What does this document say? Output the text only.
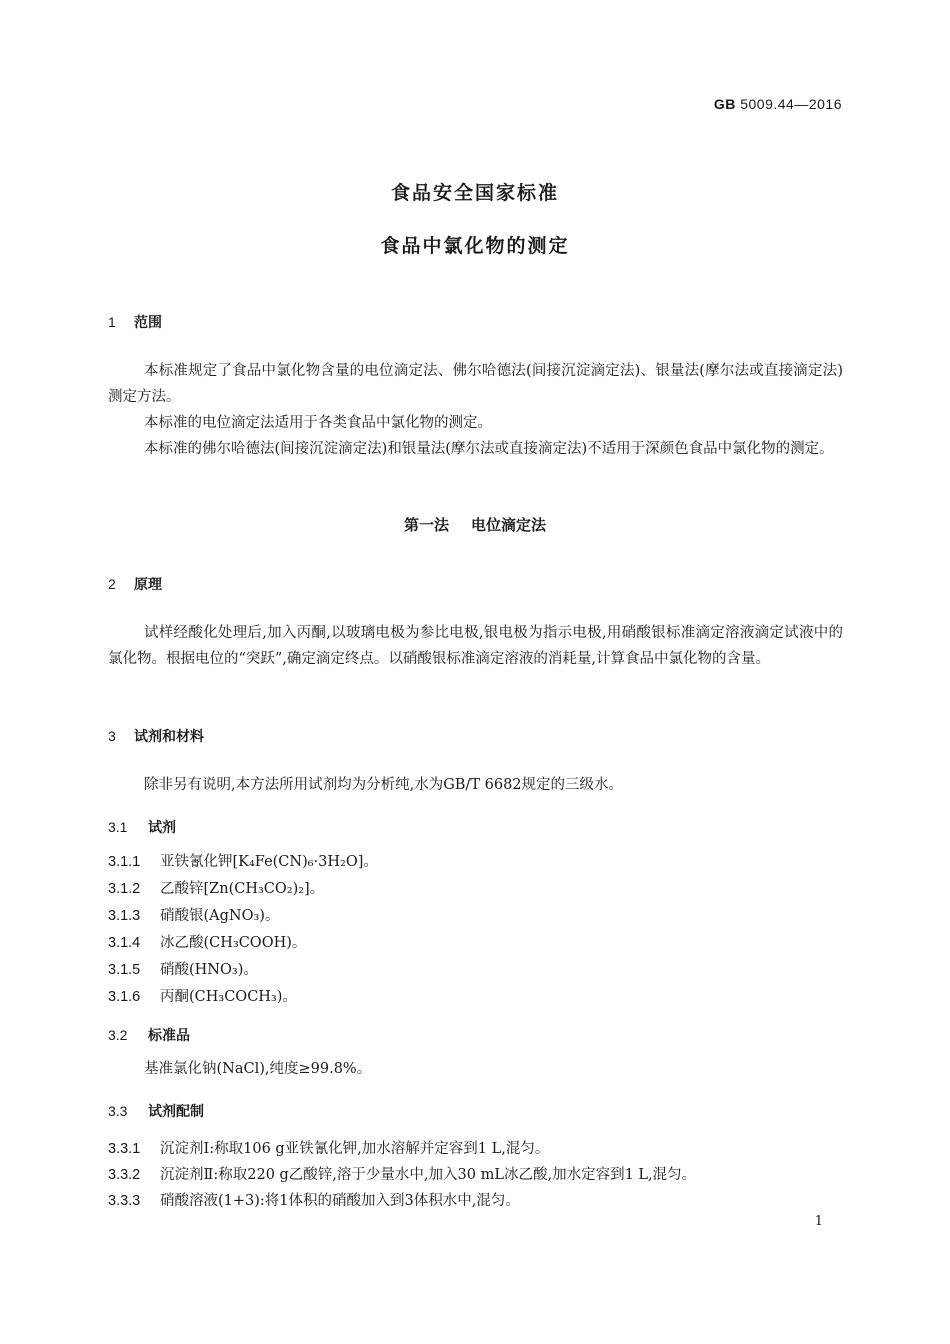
GB 5009.44—2016
食品安全国家标准
食品中氯化物的测定
1 范围
本标准规定了食品中氯化物含量的电位滴定法、佛尔哈德法(间接沉淀滴定法)、银量法(摩尔法或直接滴定法)测定方法。
本标准的电位滴定法适用于各类食品中氯化物的测定。
本标准的佛尔哈德法(间接沉淀滴定法)和银量法(摩尔法或直接滴定法)不适用于深颜色食品中氯化物的测定。
第一法 电位滴定法
2 原理
试样经酸化处理后,加入丙酮,以玻璃电极为参比电极,银电极为指示电极,用硝酸银标准滴定溶液滴定试液中的氯化物。根据电位的“突跃”,确定滴定终点。以硝酸银标准滴定溶液的消耗量,计算食品中氯化物的含量。
3 试剂和材料
除非另有说明,本方法所用试剂均为分析纯,水为GB/T 6682规定的三级水。
3.1 试剂
3.1.1 亚铁氰化钾[K₄Fe(CN)₆·3H₂O]。
3.1.2 乙酸锌[Zn(CH₃CO₂)₂]。
3.1.3 硝酸银(AgNO₃)。
3.1.4 冰乙酸(CH₃COOH)。
3.1.5 硝酸(HNO₃)。
3.1.6 丙酮(CH₃COCH₃)。
3.2 标准品
基准氯化钠(NaCl),纯度≥99.8%。
3.3 试剂配制
3.3.1 沉淀剂Ⅰ:称取106 g亚铁氰化钾,加水溶解并定容到1 L,混匀。
3.3.2 沉淀剂Ⅱ:称取220 g乙酸锌,溶于少量水中,加入30 mL冰乙酸,加水定容到1 L,混匀。
3.3.3 硝酸溶液(1+3):将1体积的硝酸加入到3体积水中,混匀。
1
